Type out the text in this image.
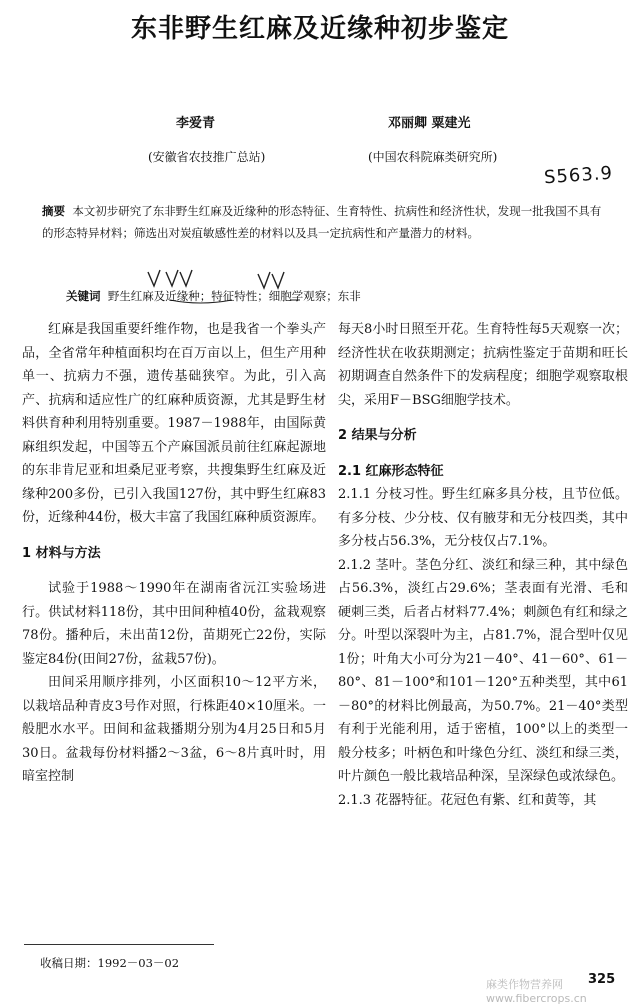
东非野生红麻及近缘种初步鉴定
李爱青
(安徽省农技推广总站)
邓丽卿 粟建光
(中国农科院麻类研究所)
S563.9
摘要 本文初步研究了东非野生红麻及近缘种的形态特征、生育特性、抗病性和经济性状，发现一批我国不具有的形态特异材料；筛选出对炭疽敏感性差的材料以及具一定抗病性和产量潜力的材料。
关键词 野生红麻及近缘种；特征特性；细胞学观察；东非

红麻是我国重要纤维作物，也是我省一个拳头产品，全省常年种植面积均在百万亩以上，但生产用种单一、抗病力不强，遗传基础狭窄。为此，引入高产、抗病和适应性广的红麻种质资源，尤其是野生材料供育种利用特别重要。1987－1988年，由国际黄麻组织发起，中国等五个产麻国派员前往红麻起源地的东非肯尼亚和坦桑尼亚考察，共搜集野生红麻及近缘种200多份，已引入我国127份，其中野生红麻83份，近缘种44份，极大丰富了我国红麻种质资源库。

1 材料与方法

试验于1988～1990年在湖南省沅江实验场进行。供试材料118份，其中田间种植40份，盆栽观察78份。播种后，未出苗12份，苗期死亡22份，实际鉴定84份(田间27份，盆栽57份)。

田间采用顺序排列，小区面积10～12平方米，以栽培品种青皮3号作对照，行株距40×10厘米。一般肥水水平。田间和盆栽播期分别为4月25日和5月30日。盆栽每份材料播2～3盆，6～8片真叶时，用暗室控制

每天8小时日照至开花。生育特性每5天观察一次；经济性状在收获期测定；抗病性鉴定于苗期和旺长初期调查自然条件下的发病程度；细胞学观察取根尖，采用F－BSG细胞学技术。

2 结果与分析

2.1 红麻形态特征

2.1.1 分枝习性。野生红麻多具分枝，且节位低。有多分枝、少分枝、仅有腋芽和无分枝四类，其中多分枝占56.3%，无分枝仅占7.1%。

2.1.2 茎叶。茎色分红、淡红和绿三种，其中绿色占56.3%，淡红占29.6%；茎表面有光滑、毛和硬刺三类，后者占材料77.4%；刺颜色有红和绿之分。叶型以深裂叶为主，占81.7%，混合型叶仅见1份；叶角大小可分为21－40°、41－60°、61－80°、81－100°和101－120°五种类型，其中61－80°的材料比例最高，为50.7%。21－40°类型有利于光能利用，适于密植，100°以上的类型一般分枝多；叶柄色和叶缘色分红、淡红和绿三类，叶片颜色一般比栽培品种深，呈深绿色或浓绿色。

2.1.3 花器特征。花冠色有紫、红和黄等，其

收稿日期：1992－03－02
麻类作物营养网 www.fibercrops.cn
325
